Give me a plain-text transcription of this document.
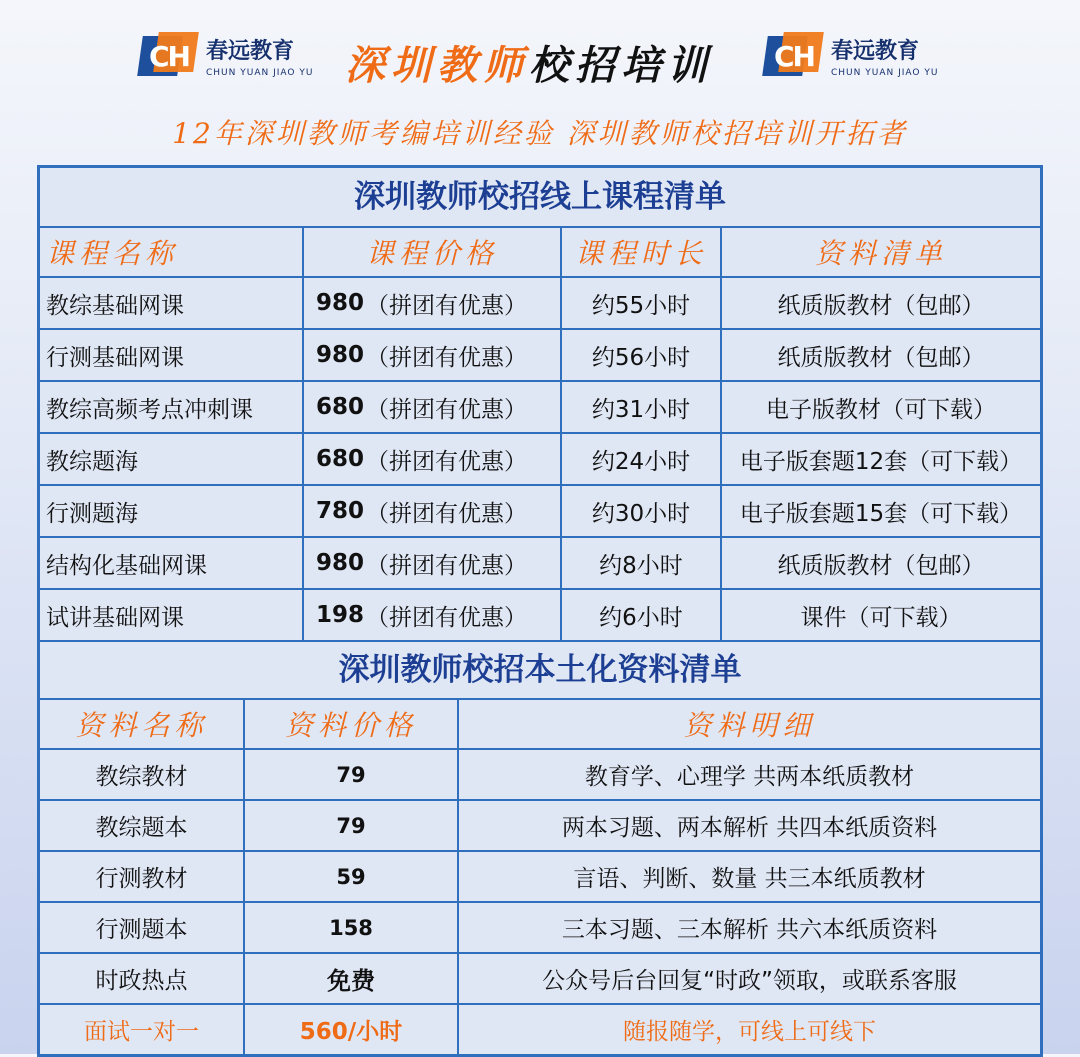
CH 春远教育
CHUN YUAN JIAO YU 深圳教师校招培训 CH 春远教育
CHUN YUAN JIAO YU
12年深圳教师考编培训经验 深圳教师校招培训开拓者
深圳教师校招线上课程清单
课程名称	课程价格	课程时长	资料清单
教综基础网课	980 （拼团有优惠）	约55小时	纸质版教材（包邮）
行测基础网课	980 （拼团有优惠）	约56小时	纸质版教材（包邮）
教综高频考点冲刺课	680 （拼团有优惠）	约31小时	电子版教材（可下载）
教综题海	680 （拼团有优惠）	约24小时	电子版套题12套（可下载）
行测题海	780 （拼团有优惠）	约30小时	电子版套题15套（可下载）
结构化基础网课	980 （拼团有优惠）	约8小时	纸质版教材（包邮）
试讲基础网课	198 （拼团有优惠）	约6小时	课件（可下载）
深圳教师校招本土化资料清单
资料名称	资料价格	资料明细
教综教材	79	教育学、心理学 共两本纸质教材
教综题本	79	两本习题、两本解析 共四本纸质资料
行测教材	59	言语、判断、数量 共三本纸质教材
行测题本	158	三本习题、三本解析 共六本纸质资料
时政热点	免费	公众号后台回复“时政”领取，或联系客服
面试一对一	560/小时	随报随学，可线上可线下
